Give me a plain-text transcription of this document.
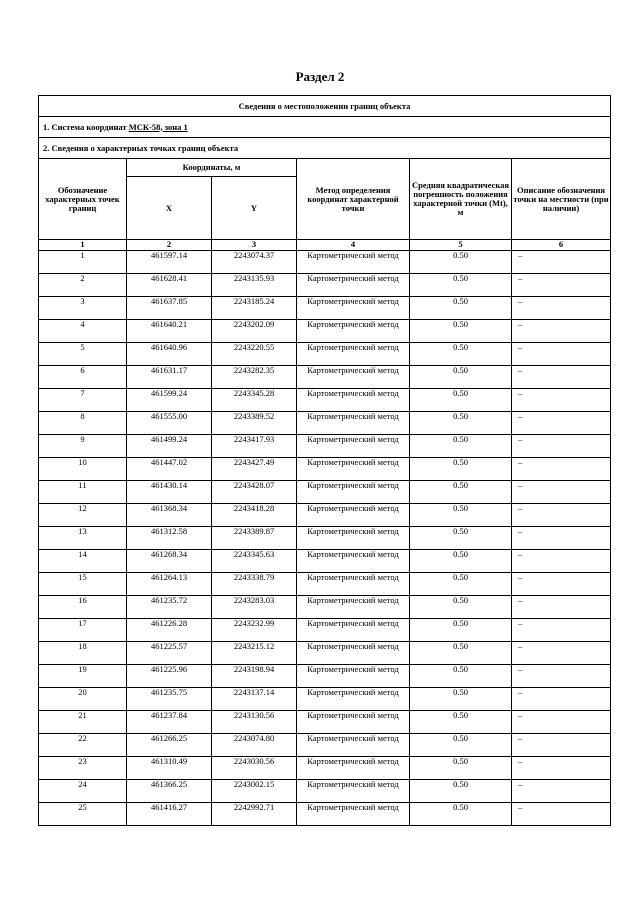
Раздел 2
Сведения о местоположении границ объекта					
1. Система координат МСК-58, зона 1					
2. Сведения о характерных точках границ объекта					
Обозначение характерных точек границ	Координаты, м		Метод определения координат характерной точки	Средняя квадратическая погрешность положения характерной точки (Mt), м	Описание обозначения точки на местности (при наличии)
	X	Y			
1	2	3	4	5	6
1	461597.14	2243074.37	Картометрический метод	0.50	–
2	461628.41	2243135.93	Картометрический метод	0.50	–
3	461637.85	2243185.24	Картометрический метод	0.50	–
4	461640.21	2243202.09	Картометрический метод	0.50	–
5	461640.96	2243220.55	Картометрический метод	0.50	–
6	461631.17	2243282.35	Картометрический метод	0.50	–
7	461599.24	2243345.28	Картометрический метод	0.50	–
8	461555.00	2243389.52	Картометрический метод	0.50	–
9	461499.24	2243417.93	Картометрический метод	0.50	–
10	461447.02	2243427.49	Картометрический метод	0.50	–
11	461430.14	2243428.07	Картометрический метод	0.50	–
12	461368.34	2243418.28	Картометрический метод	0.50	–
13	461312.58	2243389.87	Картометрический метод	0.50	–
14	461268.34	2243345.63	Картометрический метод	0.50	–
15	461264.13	2243338.79	Картометрический метод	0.50	–
16	461235.72	2243283.03	Картометрический метод	0.50	–
17	461226.28	2243232.99	Картометрический метод	0.50	–
18	461225.57	2243215.12	Картометрический метод	0.50	–
19	461225.96	2243198.94	Картометрический метод	0.50	–
20	461235.75	2243137.14	Картометрический метод	0.50	–
21	461237.84	2243130.56	Картометрический метод	0.50	–
22	461266.25	2243074.80	Картометрический метод	0.50	–
23	461310.49	2243030.56	Картометрический метод	0.50	–
24	461366.25	2243002.15	Картометрический метод	0.50	–
25	461416.27	2242992.71	Картометрический метод	0.50	–
